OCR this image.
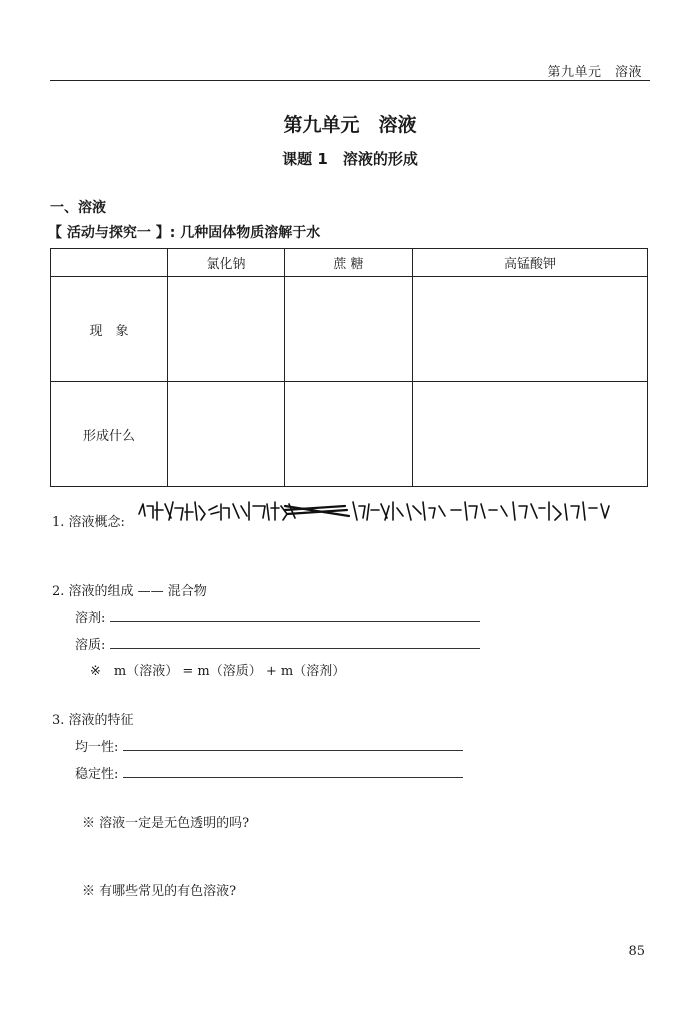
第九单元　溶液
第九单元　溶液
课题 1　溶液的形成
一、溶液
【 活动与探究一 】: 几种固体物质溶解于水
	氯化钠	蔗 糖	高锰酸钾
现　象			
形成什么			
1. 溶液概念:
2. 溶液的组成 —— 混合物
溶剂:
溶质:
※　m（溶液） = m（溶质） + m（溶剂）
3. 溶液的特征
均一性:
稳定性:
※ 溶液一定是无色透明的吗?
※ 有哪些常见的有色溶液?
85
